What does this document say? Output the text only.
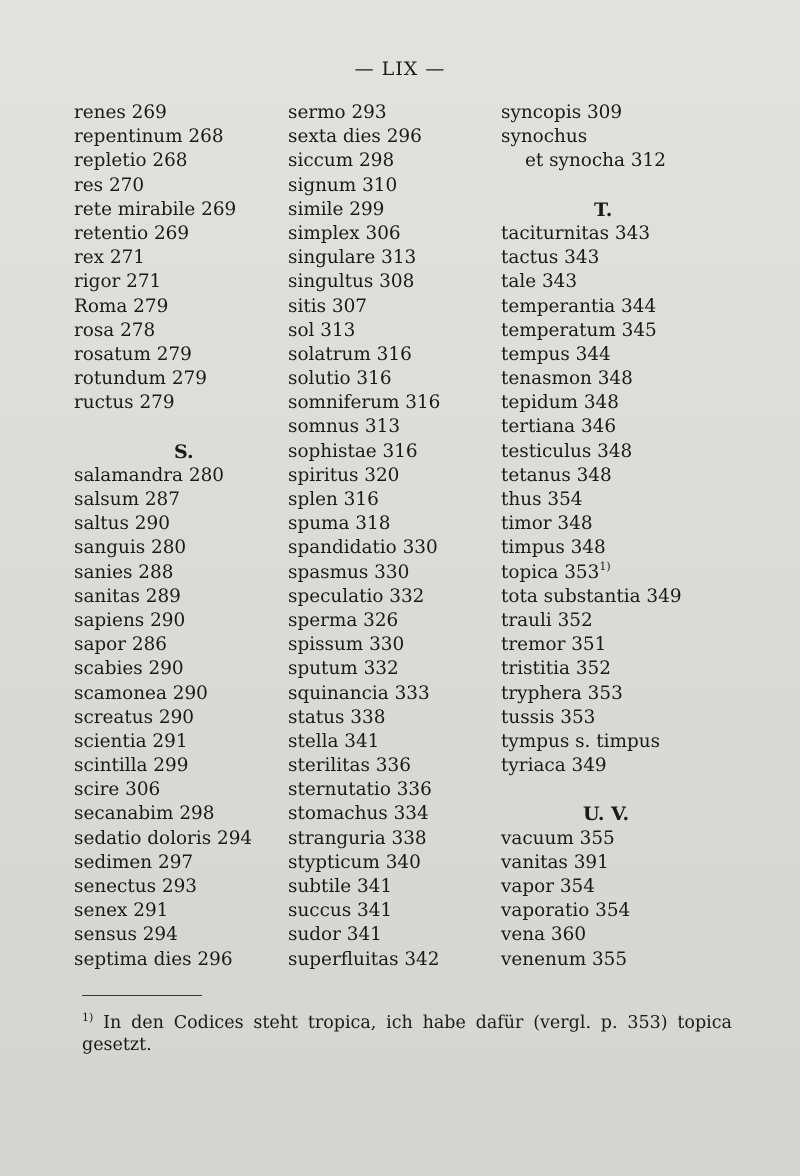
— LIX —
renes 269
repentinum 268
repletio 268
res 270
rete mirabile 269
retentio 269
rex 271
rigor 271
Roma 279
rosa 278
rosatum 279
rotundum 279
ructus 279
S.
salamandra 280
salsum 287
saltus 290
sanguis 280
sanies 288
sanitas 289
sapiens 290
sapor 286
scabies 290
scamonea 290
screatus 290
scientia 291
scintilla 299
scire 306
secanabim 298
sedatio doloris 294
sedimen 297
senectus 293
senex 291
sensus 294
septima dies 296
sermo 293
sexta dies 296
siccum 298
signum 310
simile 299
simplex 306
singulare 313
singultus 308
sitis 307
sol 313
solatrum 316
solutio 316
somniferum 316
somnus 313
sophistae 316
spiritus 320
splen 316
spuma 318
spandidatio 330
spasmus 330
speculatio 332
sperma 326
spissum 330
sputum 332
squinancia 333
status 338
stella 341
sterilitas 336
sternutatio 336
stomachus 334
stranguria 338
stypticum 340
subtile 341
succus 341
sudor 341
superfluitas 342
syncopis 309
synochus
et synocha 312
T.
taciturnitas 343
tactus 343
tale 343
temperantia 344
temperatum 345
tempus 344
tenasmon 348
tepidum 348
tertiana 346
testiculus 348
tetanus 348
thus 354
timor 348
timpus 348
topica 353$^{1)}$
tota substantia 349
trauli 352
tremor 351
tristitia 352
tryphera 353
tussis 353
tympus s. timpus
tyriaca 349
U. V.
vacuum 355
vanitas 391
vapor 354
vaporatio 354
vena 360
venenum 355
$^{1)}$ In den Codices steht tropica, ich habe dafür (vergl. p. 353) topica gesetzt.
